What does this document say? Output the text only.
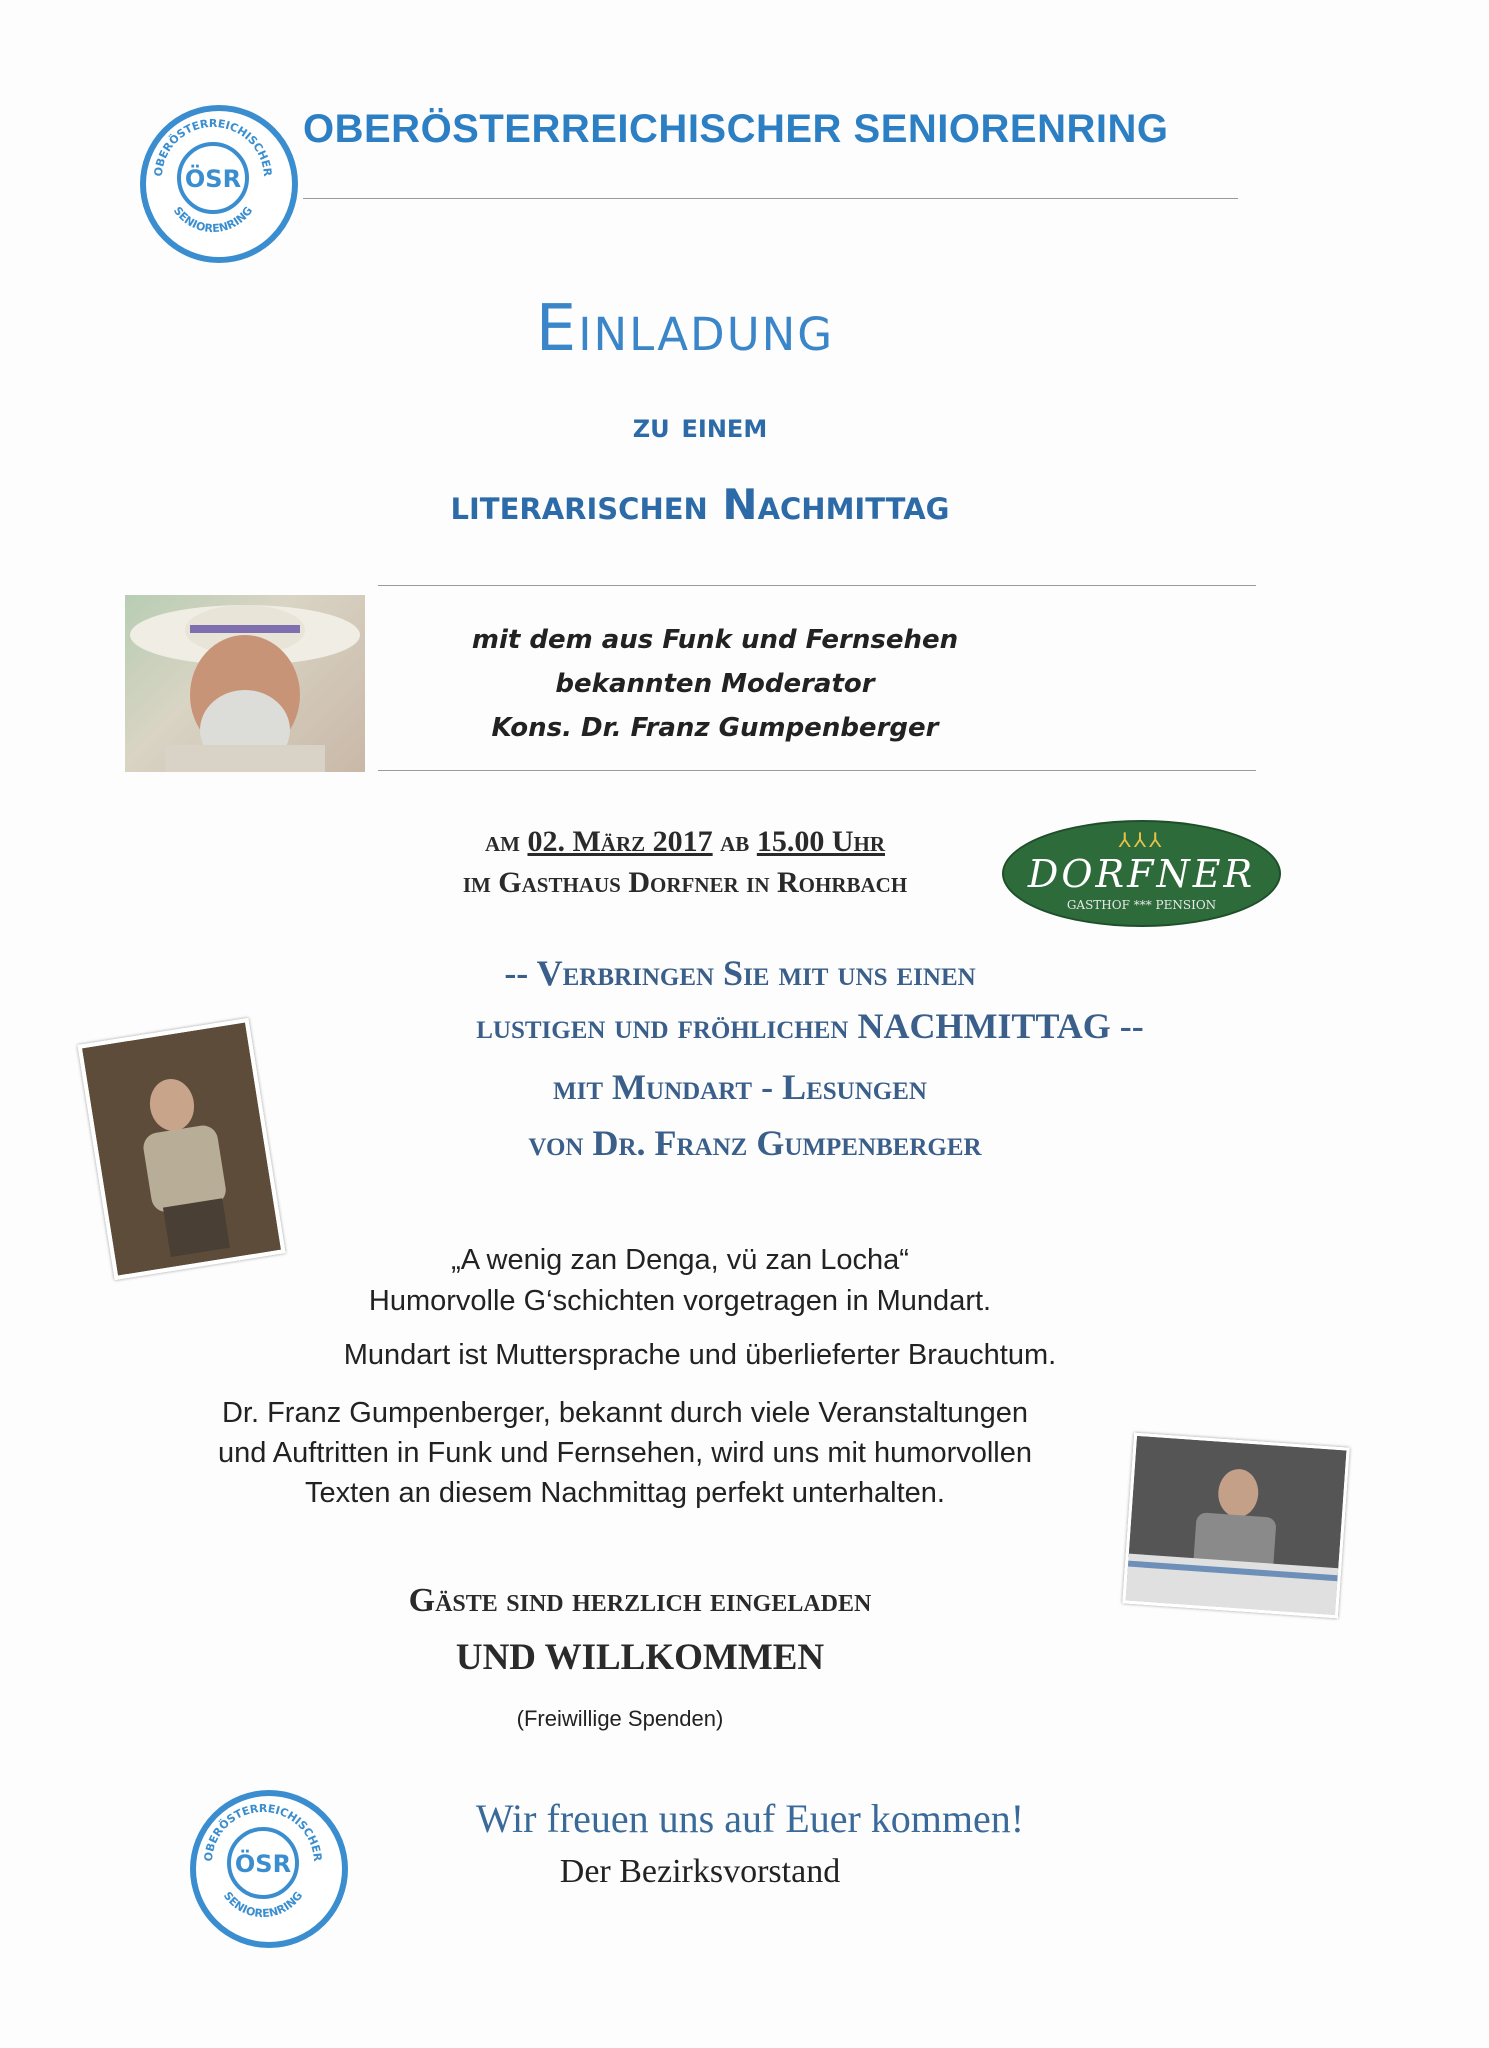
OBERÖSTERREICHISCHER
SENIORENRING
ÖSR
OBERÖSTERREICHISCHER SENIORENRING
Einladung
zu einem
literarischen Nachmittag
mit dem aus Funk und Fernsehen
bekannten Moderator
Kons. Dr. Franz Gumpenberger
am 02. März 2017 ab 15.00 Uhr
im Gasthaus Dorfner in Rohrbach
⅄⅄⅄
DORFNER
GASTHOF *** PENSION
-- Verbringen Sie mit uns einen
lustigen und fröhlichen NACHMITTAG --
mit Mundart - Lesungen
von Dr. Franz Gumpenberger
„A wenig zan Denga, vü zan Locha“
Humorvolle G‘schichten vorgetragen in Mundart.
Mundart ist Muttersprache und überlieferter Brauchtum.
Dr. Franz Gumpenberger, bekannt durch viele Veranstaltungen
und Auftritten in Funk und Fernsehen, wird uns mit humorvollen
Texten an diesem Nachmittag perfekt unterhalten.
Gäste sind herzlich eingeladen
UND WILLKOMMEN
(Freiwillige Spenden)
OBERÖSTERREICHISCHER
SENIORENRING
ÖSR
Wir freuen uns auf Euer kommen!
Der Bezirksvorstand
